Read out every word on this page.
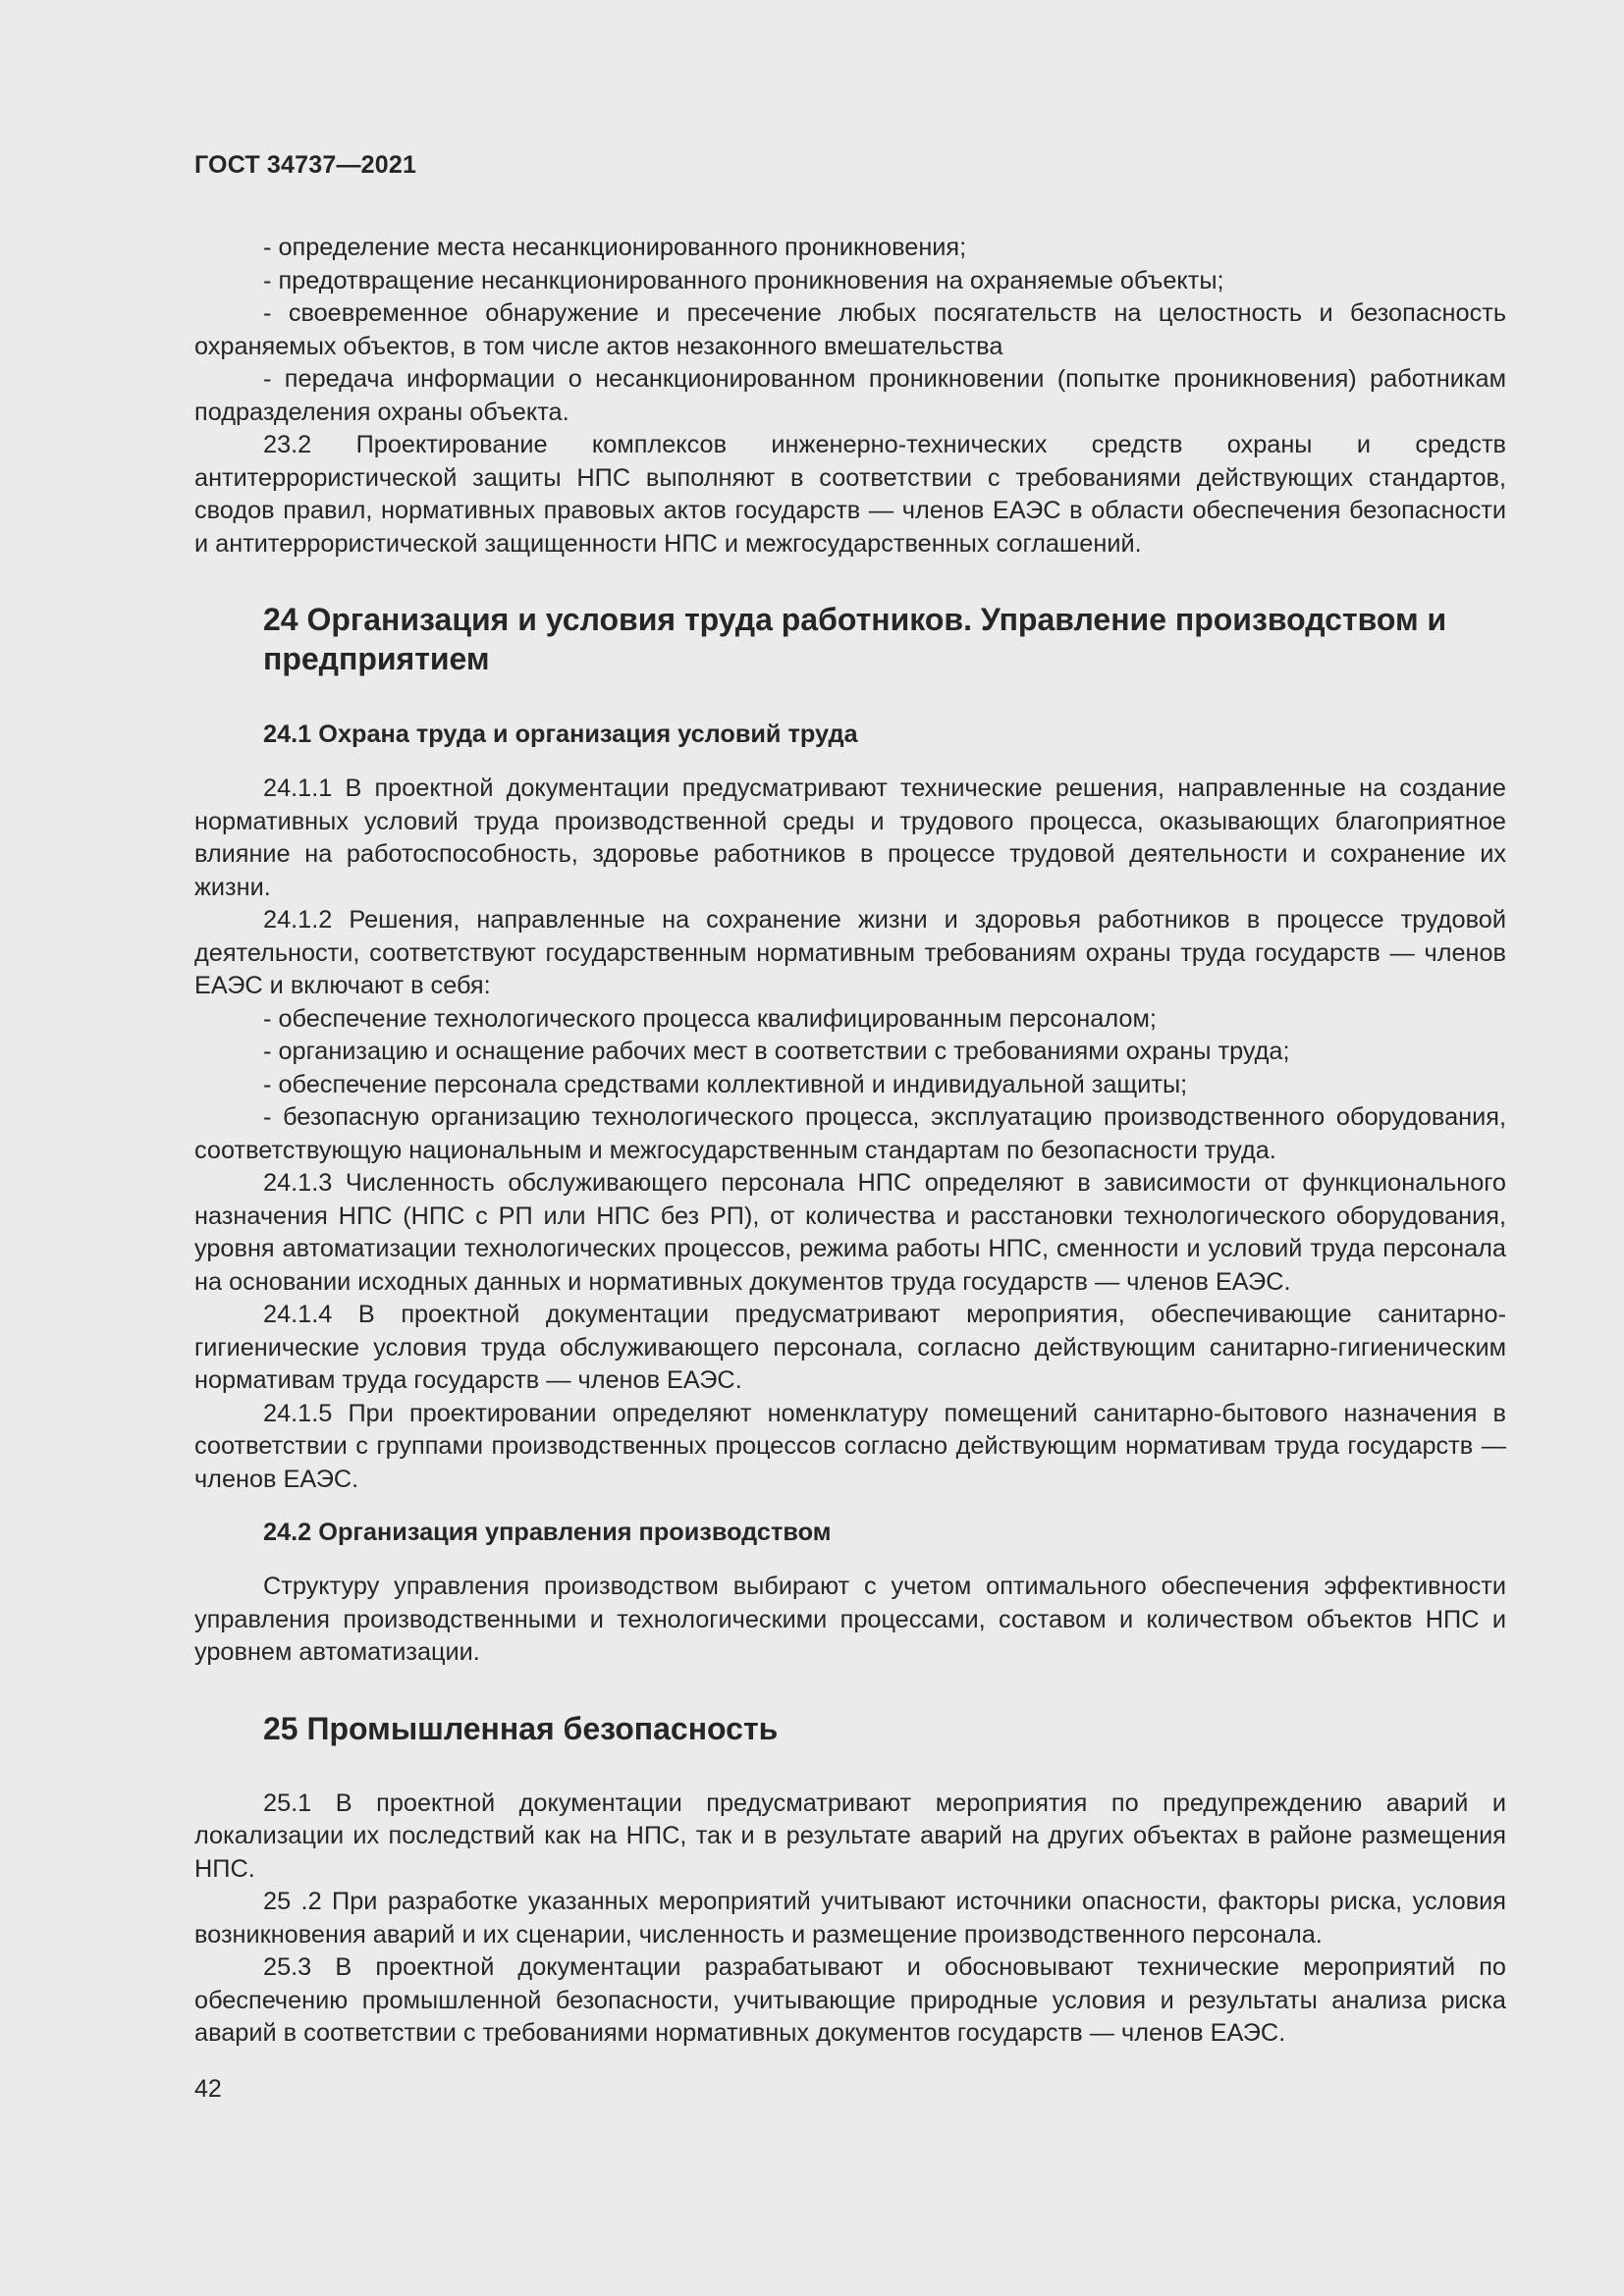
ГОСТ 34737—2021

- определение места несанкционированного проникновения;

- предотвращение несанкционированного проникновения на охраняемые объекты;

- своевременное обнаружение и пресечение любых посягательств на целостность и безопасность охраняемых объектов, в том числе актов незаконного вмешательства

- передача информации о несанкционированном проникновении (попытке проникновения) работникам подразделения охраны объекта.

23.2 Проектирование комплексов инженерно-технических средств охраны и средств антитеррористической защиты НПС выполняют в соответствии с требованиями действующих стандартов, сводов правил, нормативных правовых актов государств — членов ЕАЭС в области обеспечения безопасности и антитеррористической защищенности НПС и межгосударственных соглашений.

24 Организация и условия труда работников. Управление производством и предприятием
24.1 Охрана труда и организация условий труда

24.1.1 В проектной документации предусматривают технические решения, направленные на создание нормативных условий труда производственной среды и трудового процесса, оказывающих благоприятное влияние на работоспособность, здоровье работников в процессе трудовой деятельности и сохранение их жизни.

24.1.2 Решения, направленные на сохранение жизни и здоровья работников в процессе трудовой деятельности, соответствуют государственным нормативным требованиям охраны труда государств — членов ЕАЭС и включают в себя:

- обеспечение технологического процесса квалифицированным персоналом;

- организацию и оснащение рабочих мест в соответствии с требованиями охраны труда;

- обеспечение персонала средствами коллективной и индивидуальной защиты;

- безопасную организацию технологического процесса, эксплуатацию производственного оборудования, соответствующую национальным и межгосударственным стандартам по безопасности труда.

24.1.3 Численность обслуживающего персонала НПС определяют в зависимости от функционального назначения НПС (НПС с РП или НПС без РП), от количества и расстановки технологического оборудования, уровня автоматизации технологических процессов, режима работы НПС, сменности и условий труда персонала на основании исходных данных и нормативных документов труда государств — членов ЕАЭС.

24.1.4 В проектной документации предусматривают мероприятия, обеспечивающие санитарно-гигиенические условия труда обслуживающего персонала, согласно действующим санитарно-гигиеническим нормативам труда государств — членов ЕАЭС.

24.1.5 При проектировании определяют номенклатуру помещений санитарно-бытового назначения в соответствии с группами производственных процессов согласно действующим нормативам труда государств — членов ЕАЭС.

24.2 Организация управления производством

Структуру управления производством выбирают с учетом оптимального обеспечения эффективности управления производственными и технологическими процессами, составом и количеством объектов НПС и уровнем автоматизации.

25 Промышленная безопасность

25.1 В проектной документации предусматривают мероприятия по предупреждению аварий и локализации их последствий как на НПС, так и в результате аварий на других объектах в районе размещения НПС.

25 .2 При разработке указанных мероприятий учитывают источники опасности, факторы риска, условия возникновения аварий и их сценарии, численность и размещение производственного персонала.

25.3 В проектной документации разрабатывают и обосновывают технические мероприятий по обеспечению промышленной безопасности, учитывающие природные условия и результаты анализа риска аварий в соответствии с требованиями нормативных документов государств — членов ЕАЭС.

42
